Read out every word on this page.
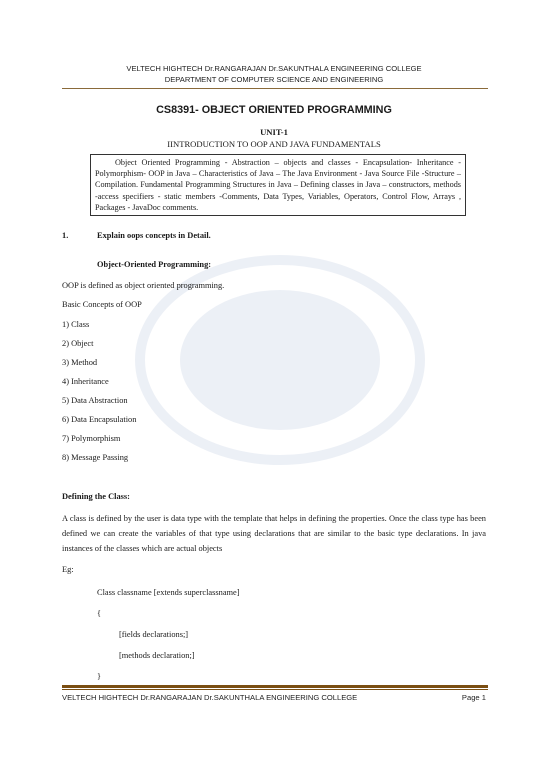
VELTECH HIGHTECH Dr.RANGARAJAN Dr.SAKUNTHALA ENGINEERING COLLEGE
DEPARTMENT OF COMPUTER SCIENCE AND ENGINEERING
CS8391- OBJECT ORIENTED PROGRAMMING
UNIT-1
IINTRODUCTION TO OOP AND JAVA FUNDAMENTALS
Object Oriented Programming - Abstraction – objects and classes - Encapsulation- Inheritance - Polymorphism- OOP in Java – Characteristics of Java – The Java Environment - Java Source File -Structure – Compilation. Fundamental Programming Structures in Java – Defining classes in Java – constructors, methods -access specifiers - static members -Comments, Data Types, Variables, Operators, Control Flow, Arrays , Packages - JavaDoc comments.
1.	Explain oops concepts in Detail.
Object-Oriented Programming:
OOP is defined as object oriented programming.
Basic Concepts of OOP
1) Class
2) Object
3) Method
4) Inheritance
5) Data Abstraction
6) Data Encapsulation
7) Polymorphism
8) Message Passing
Defining the Class:
A class is defined by the user is data type with the template that helps in defining the properties. Once the class type has been defined we can create the variables of that type using declarations that are similar to the basic type declarations. In java instances of the classes which are actual objects
Eg:
Class classname [extends superclassname]
{
[fields declarations;]
[methods declaration;]
}
VELTECH HIGHTECH Dr.RANGARAJAN Dr.SAKUNTHALA ENGINEERING COLLEGE	Page 1
